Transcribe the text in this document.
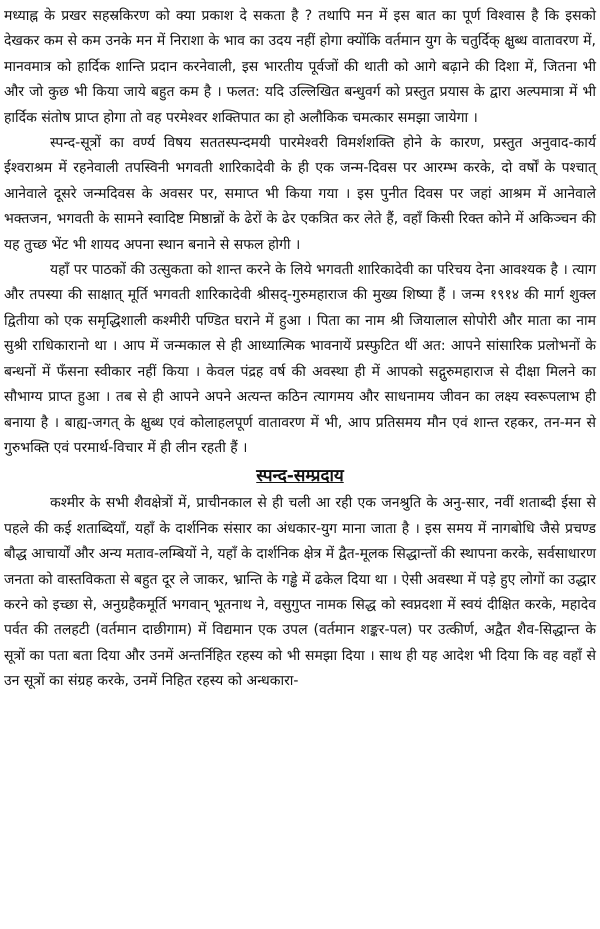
मध्याह्न के प्रखर सहस्रकिरण को क्या प्रकाश दे सकता है ? तथापि मन में इस बात का पूर्ण विश्वास है कि इसको देखकर कम से कम उनके मन में निराशा के भाव का उदय नहीं होगा क्योंकि वर्तमान युग के चतुर्दिक् क्षुब्ध वातावरण में, मानवमात्र को हार्दिक शान्ति प्रदान करनेवाली, इस भारतीय पूर्वजों की थाती को आगे बढ़ाने की दिशा में, जितना भी और जो कुछ भी किया जाये बहुत कम है । फलत: यदि उल्लिखित बन्धुवर्ग को प्रस्तुत प्रयास के द्वारा अल्पमात्रा में भी हार्दिक संतोष प्राप्त होगा तो वह परमेश्वर शक्तिपात का हो अलौकिक चमत्कार समझा जायेगा ।

स्पन्द-सूत्रों का वर्ण्य विषय सततस्पन्दमयी पारमेश्वरी विमर्शशक्ति होने के कारण, प्रस्तुत अनुवाद-कार्य ईश्वराश्रम में रहनेवाली तपस्विनी भगवती शारिकादेवी के ही एक जन्म-दिवस पर आरम्भ करके, दो वर्षों के पश्चात् आनेवाले दूसरे जन्मदिवस के अवसर पर, समाप्त भी किया गया । इस पुनीत दिवस पर जहां आश्रम में आनेवाले भक्तजन, भगवती के सामने स्वादिष्ट मिष्ठान्नों के ढेरों के ढेर एकत्रित कर लेते हैं, वहाँ किसी रिक्त कोने में अकिञ्चन की यह तुच्छ भेंट भी शायद अपना स्थान बनाने से सफल होगी ।

यहाँ पर पाठकों की उत्सुकता को शान्त करने के लिये भगवती शारिकादेवी का परिचय देना आवश्यक है । त्याग और तपस्या की साक्षात् मूर्ति भगवती शारिकादेवी श्रीसद्-गुरुमहाराज की मुख्य शिष्या हैं । जन्म १९१४ की मार्ग शुक्ल द्वितीया को एक समृद्धिशाली कश्मीरी पण्डित घराने में हुआ । पिता का नाम श्री जियालाल सोपोरी और माता का नाम सुश्री राधिकारानो था । आप में जन्मकाल से ही आध्यात्मिक भावनायें प्रस्फुटित थीं अत: आपने सांसारिक प्रलोभनों के बन्धनों में फँसना स्वीकार नहीं किया । केवल पंद्रह वर्ष की अवस्था ही में आपको सद्गुरुमहाराज से दीक्षा मिलने का सौभाग्य प्राप्त हुआ । तब से ही आपने अपने अत्यन्त कठिन त्यागमय और साधनामय जीवन का लक्ष्य स्वरूपलाभ ही बनाया है । बाह्य-जगत् के क्षुब्ध एवं कोलाहलपूर्ण वातावरण में भी, आप प्रतिसमय मौन एवं शान्त रहकर, तन-मन से गुरुभक्ति एवं परमार्थ-विचार में ही लीन रहती हैं ।

स्पन्द-सम्प्रदाय

कश्मीर के सभी शैवक्षेत्रों में, प्राचीनकाल से ही चली आ रही एक जनश्रुति के अनु-सार, नवीं शताब्दी ईसा से पहले की कई शताब्दियाँ, यहाँ के दार्शनिक संसार का अंधकार-युग माना जाता है । इस समय में नागबोधि जैसे प्रचण्ड बौद्ध आचार्यों और अन्य मताव-लम्बियों ने, यहाँ के दार्शनिक क्षेत्र में द्वैत-मूलक सिद्धान्तों की स्थापना करके, सर्वसाधारण जनता को वास्तविकता से बहुत दूर ले जाकर, भ्रान्ति के गड्ढे में ढकेल दिया था । ऐसी अवस्था में पड़े हुए लोगों का उद्धार करने को इच्छा से, अनुग्रहैकमूर्ति भगवान् भूतनाथ ने, वसुगुप्त नामक सिद्ध को स्वप्नदशा में स्वयं दीक्षित करके, महादेव पर्वत की तलहटी (वर्तमान दाछीगाम) में विद्यमान एक उपल (वर्तमान शङ्कर-पल) पर उत्कीर्ण, अद्वैत शैव-सिद्धान्त के सूत्रों का पता बता दिया और उनमें अन्तर्निहित रहस्य को भी समझा दिया । साथ ही यह आदेश भी दिया कि वह वहाँ से उन सूत्रों का संग्रह करके, उनमें निहित रहस्य को अन्धकारा-
